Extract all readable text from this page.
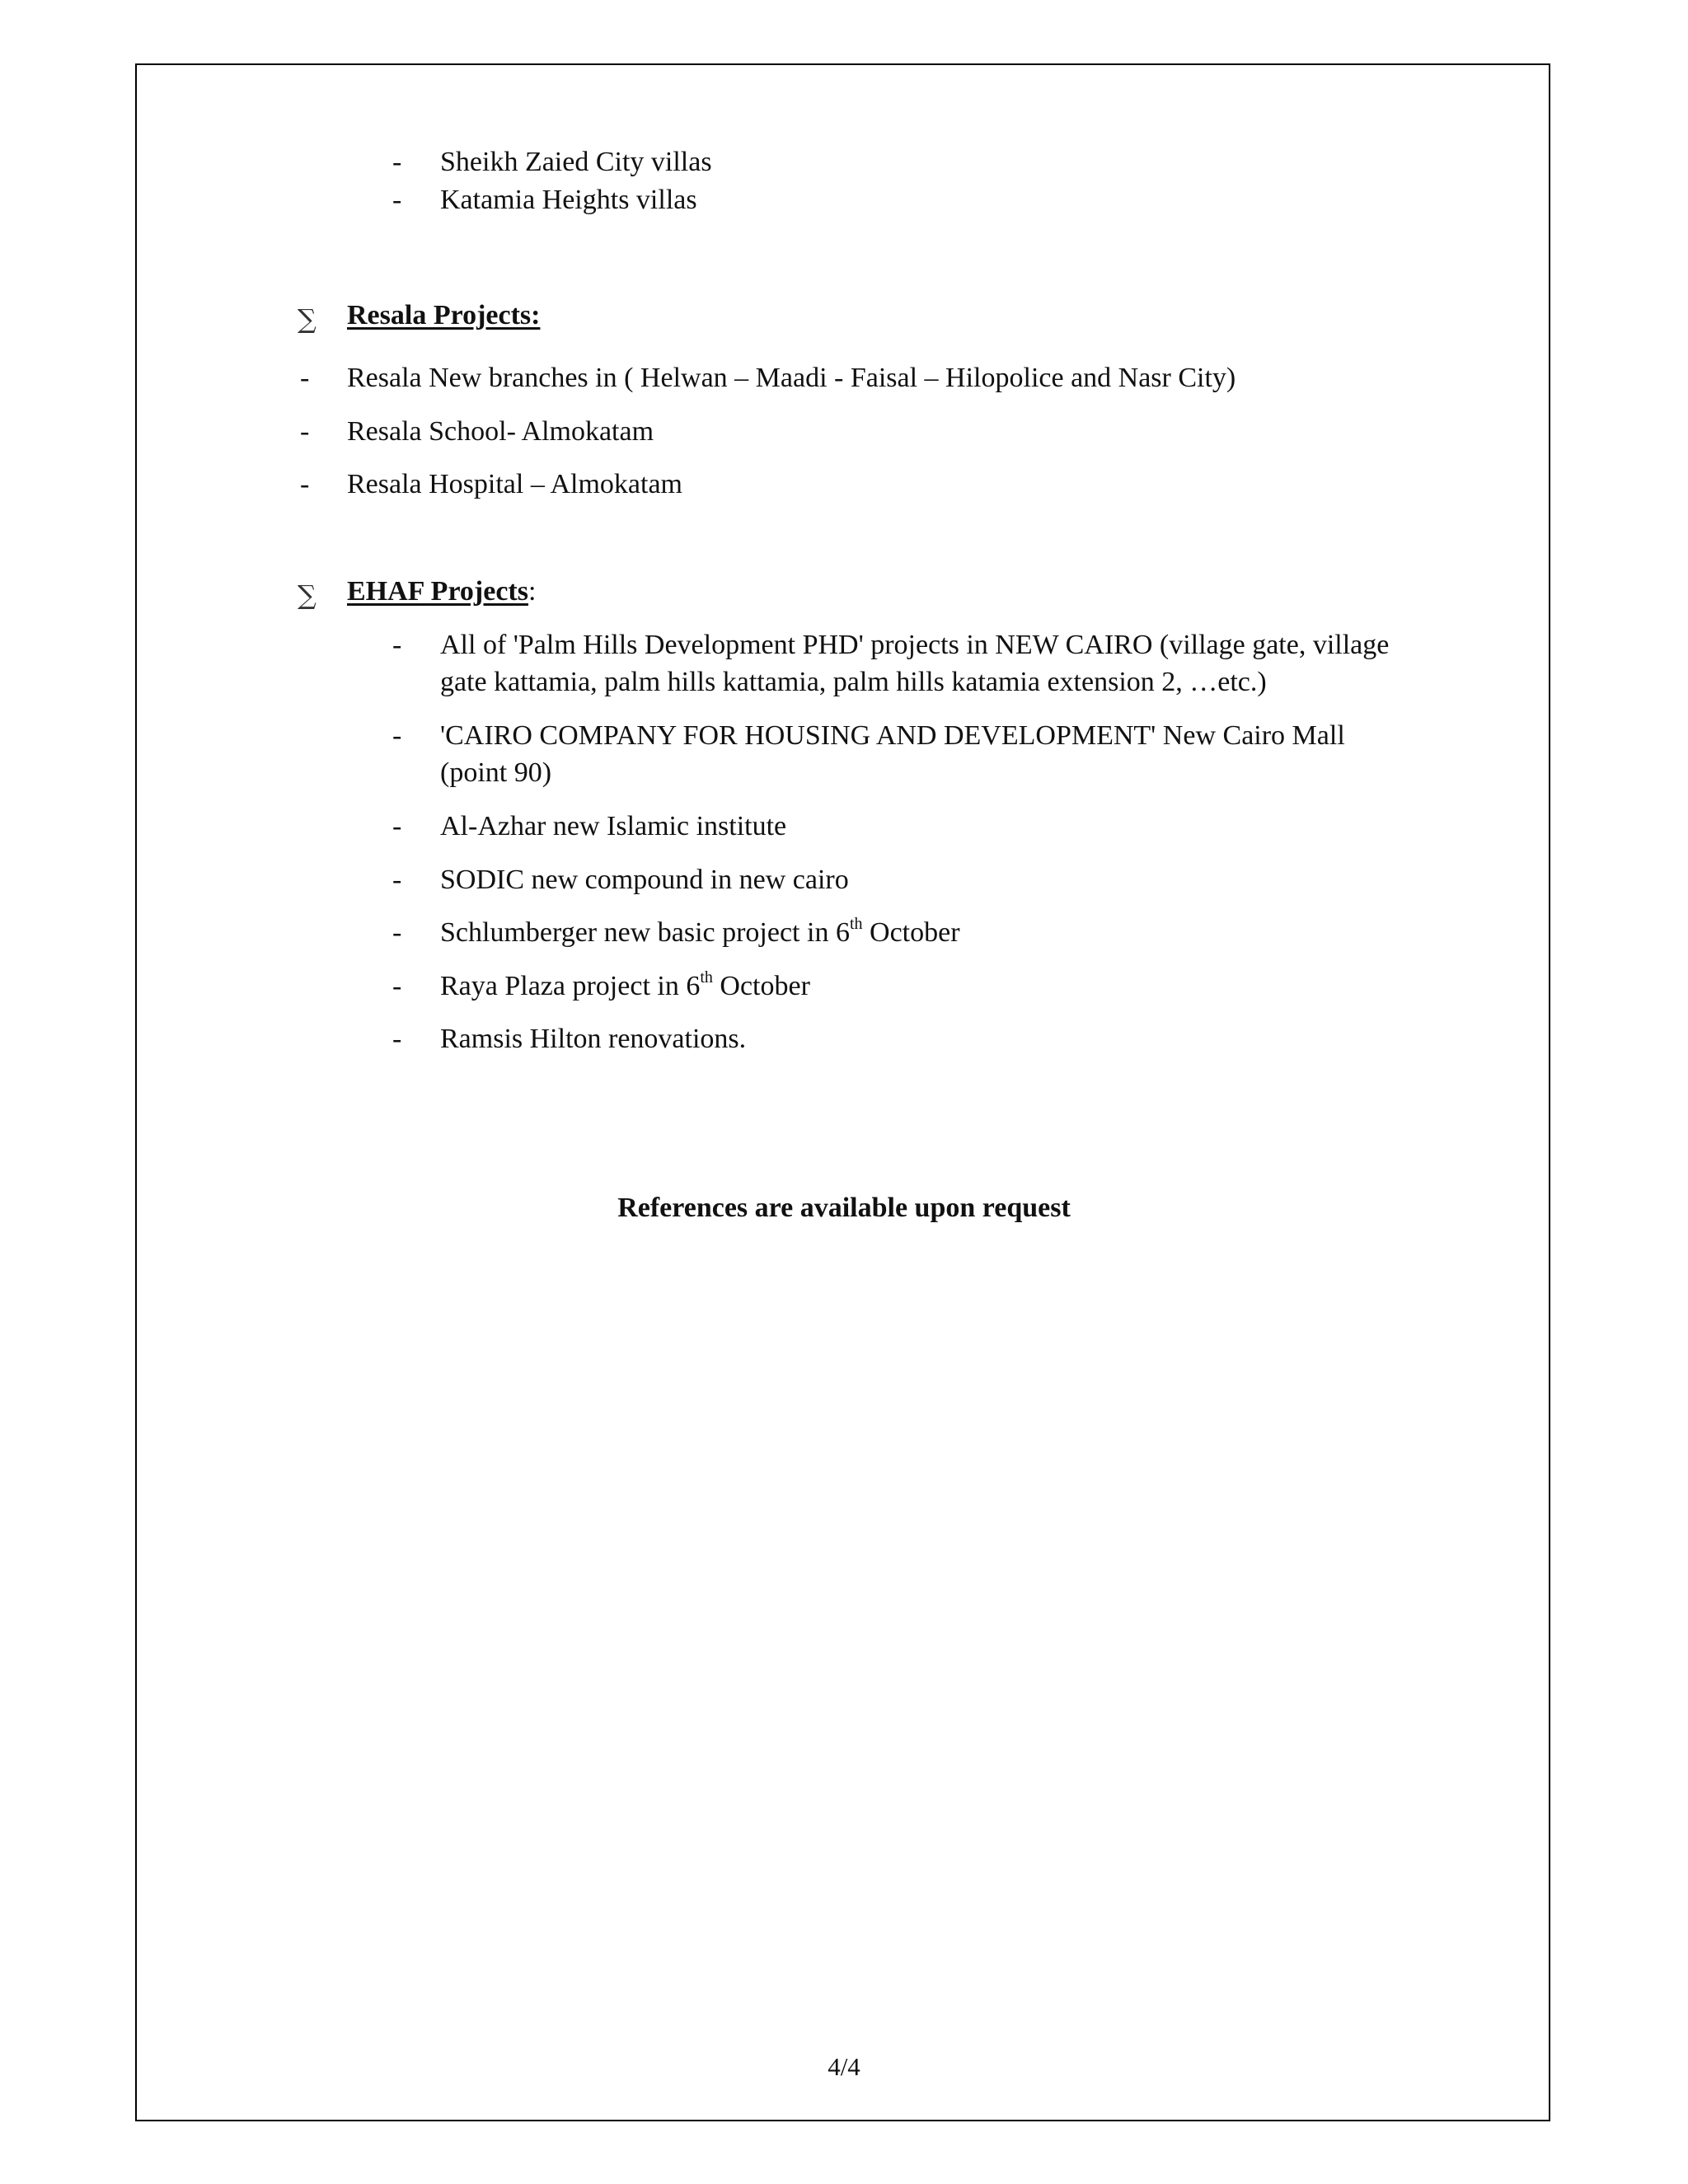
- Sheikh Zaied City villas
- Katamia Heights villas
∑ Resala Projects:
- Resala New branches in ( Helwan – Maadi - Faisal – Hilopolice and Nasr City)
- Resala School- Almokatam
- Resala Hospital – Almokatam
∑ EHAF Projects:
- All of 'Palm Hills Development PHD' projects in NEW CAIRO (village gate, village
gate kattamia, palm hills kattamia, palm hills katamia extension 2, …etc.)
- 'CAIRO COMPANY FOR HOUSING AND DEVELOPMENT' New Cairo Mall
(point 90)
- Al-Azhar new Islamic institute
- SODIC new compound in new cairo
- Schlumberger new basic project in 6th October
- Raya Plaza project in 6th October
- Ramsis Hilton renovations.
References are available upon request
4/4
